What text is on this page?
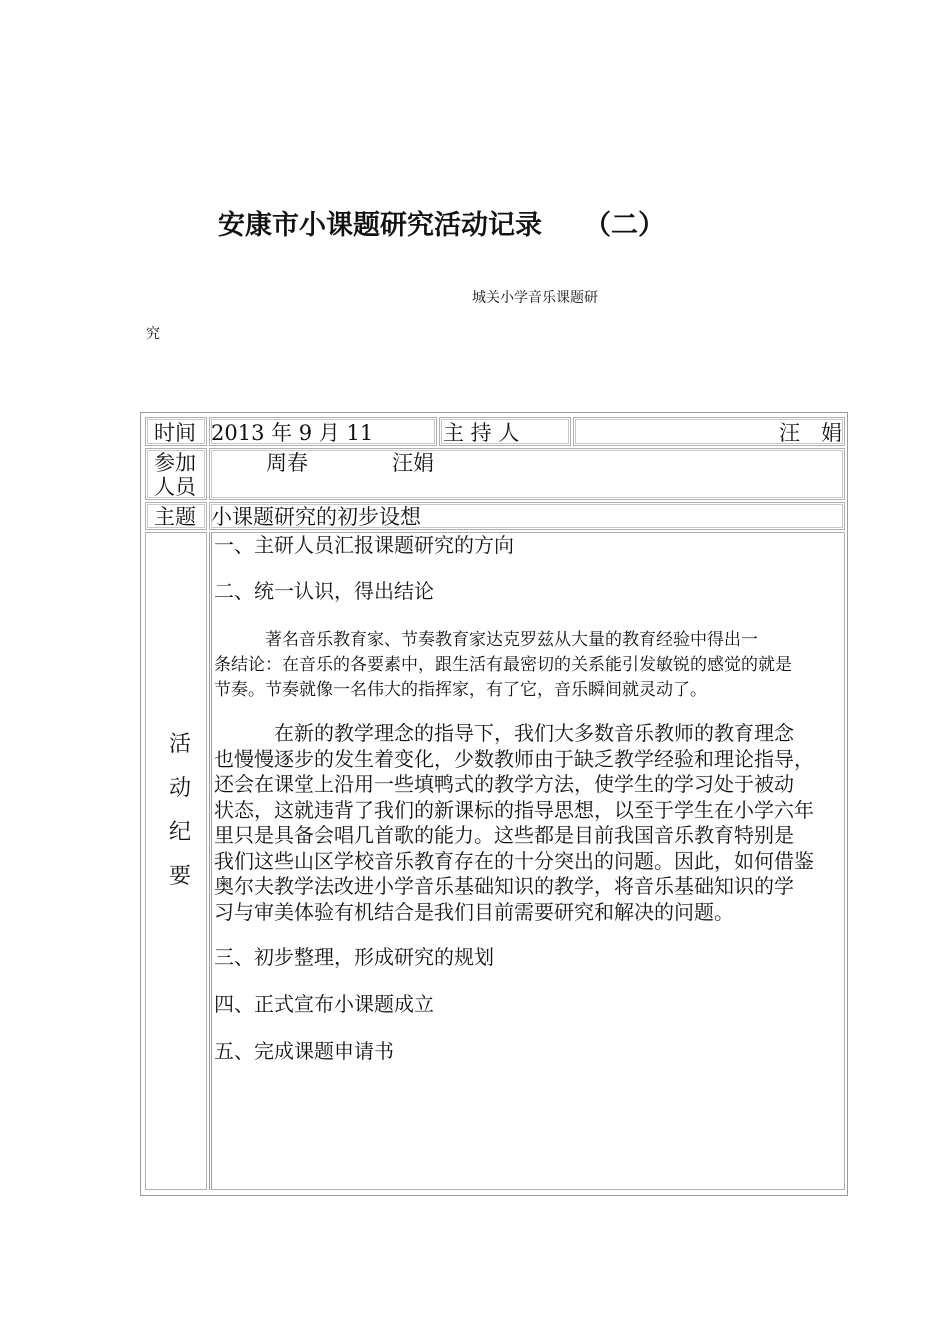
安康市小课题研究活动记录 （二）
城关小学音乐课题研
究
时间 2013 年 9 月 11	主 持 人	汪　娟
参加
人员
周春　　　　汪娟
主题 小课题研究的初步设想
活
动
纪
要
一、主研人员汇报课题研究的方向
二、统一认识，得出结论
　　　著名音乐教育家、节奏教育家达克罗兹从大量的教育经验中得出一
条结论：在音乐的各要素中，跟生活有最密切的关系能引发敏锐的感觉的就是
节奏。节奏就像一名伟大的指挥家，有了它，音乐瞬间就灵动了。
　　　在新的教学理念的指导下，我们大多数音乐教师的教育理念
也慢慢逐步的发生着变化，少数教师由于缺乏教学经验和理论指导，
还会在课堂上沿用一些填鸭式的教学方法，使学生的学习处于被动
状态，这就违背了我们的新课标的指导思想，以至于学生在小学六年
里只是具备会唱几首歌的能力。这些都是目前我国音乐教育特别是
我们这些山区学校音乐教育存在的十分突出的问题。因此，如何借鉴
奥尔夫教学法改进小学音乐基础知识的教学，将音乐基础知识的学
习与审美体验有机结合是我们目前需要研究和解决的问题。
三、初步整理，形成研究的规划
四、正式宣布小课题成立
五、完成课题申请书
